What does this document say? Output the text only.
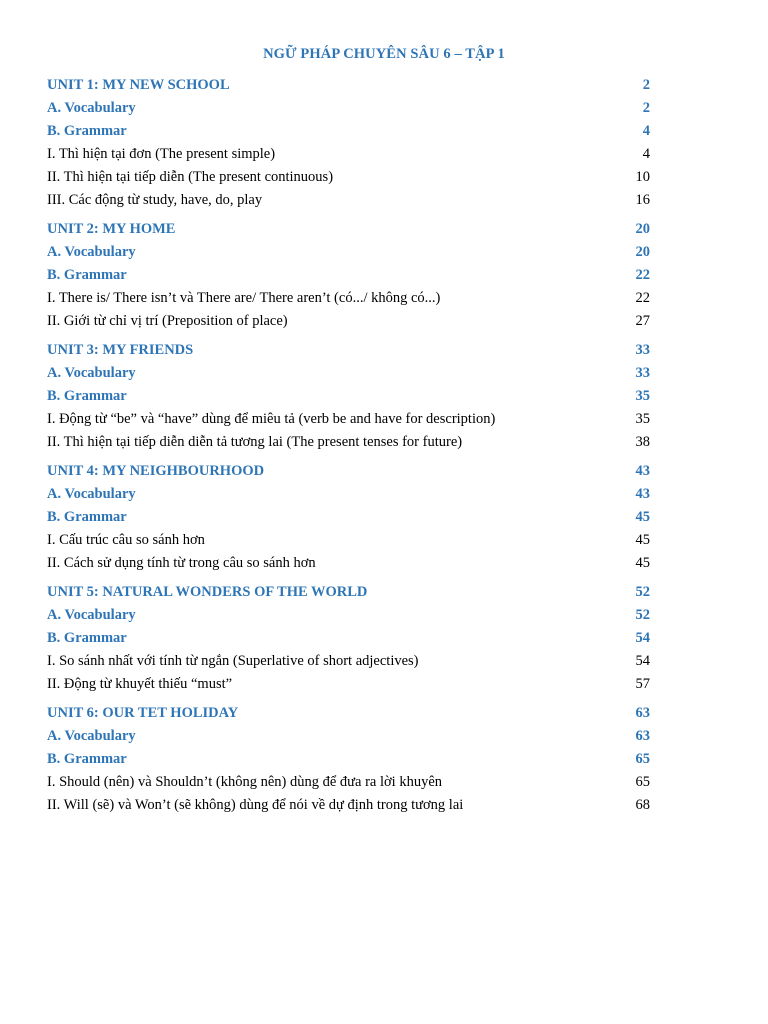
NGỮ PHÁP CHUYÊN SÂU 6 – TẬP 1
UNIT 1: MY NEW SCHOOL	2
A. Vocabulary	2
B. Grammar	4
I. Thì hiện tại đơn (The present simple)	4
II. Thì hiện tại tiếp diễn (The present continuous)	10
III. Các động từ study, have, do, play	16
UNIT 2: MY HOME	20
A. Vocabulary	20
B. Grammar	22
I. There is/ There isn’t và There are/ There aren’t (có.../ không có...)	22
II. Giới từ chỉ vị trí (Preposition of place)	27
UNIT 3: MY FRIENDS	33
A. Vocabulary	33
B. Grammar	35
I. Động từ “be” và “have” dùng để miêu tả (verb be and have for description)	35
II. Thì hiện tại tiếp diễn diễn tả tương lai (The present tenses for future)	38
UNIT 4: MY NEIGHBOURHOOD	43
A. Vocabulary	43
B. Grammar	45
I. Cấu trúc câu so sánh hơn	45
II. Cách sử dụng tính từ trong câu so sánh hơn	45
UNIT 5: NATURAL WONDERS OF THE WORLD	52
A. Vocabulary	52
B. Grammar	54
I. So sánh nhất với tính từ ngắn (Superlative of short adjectives)	54
II. Động từ khuyết thiếu “must”	57
UNIT 6: OUR TET HOLIDAY	63
A. Vocabulary	63
B. Grammar	65
I. Should (nên) và Shouldn’t (không nên) dùng để đưa ra lời khuyên	65
II. Will (sẽ) và Won’t (sẽ không) dùng để nói về dự định trong tương lai	68
